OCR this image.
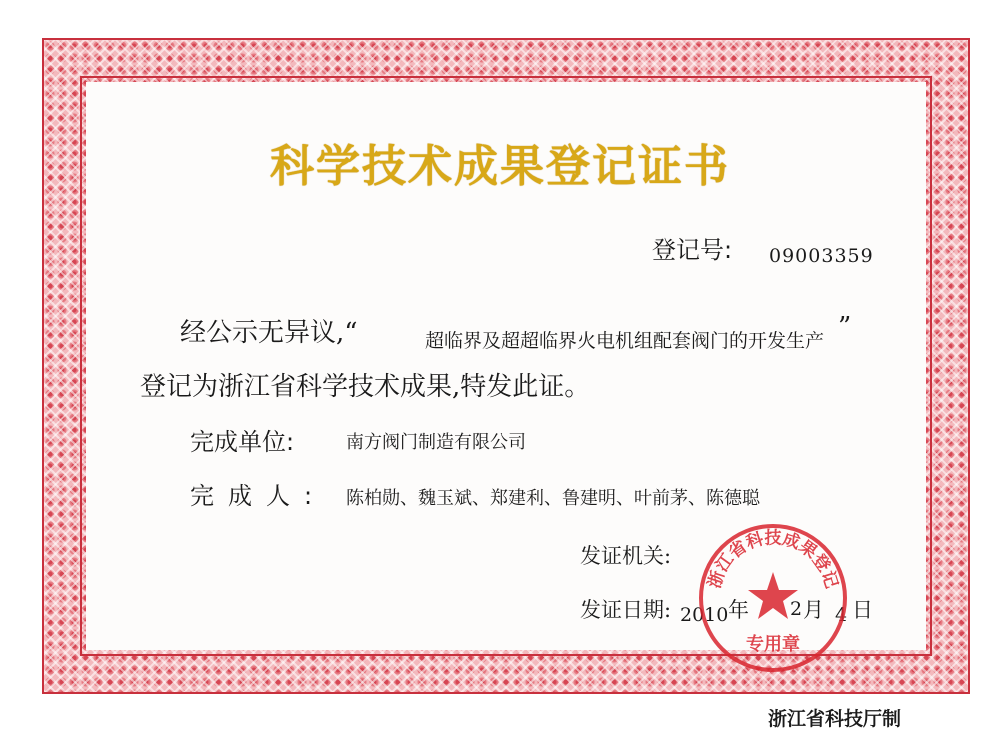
科学技术成果登记证书
登记号: 09003359
经公示无异议,“	超临界及超超临界火电机组配套阀门的开发生产 ”
登记为浙江省科学技术成果,特发此证。
完成单位:	南方阀门制造有限公司
完成人: 陈柏勋、魏玉斌、郑建利、鲁建明、叶前茅、陈德聪
发证机关:
发证日期: 2010 年 2 月 4 日
浙江省科技成果登记
专用章
浙江省科技厅制
